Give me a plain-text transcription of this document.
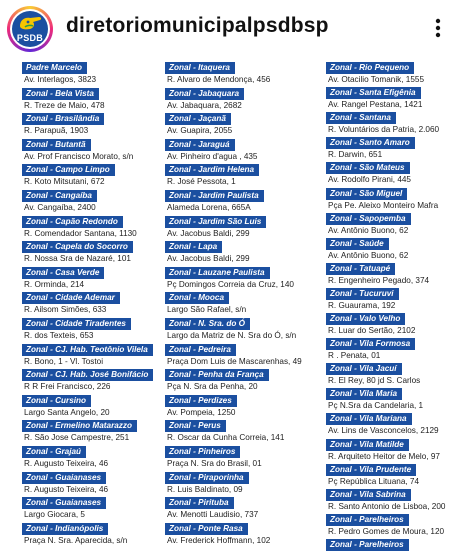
PSDB
diretoriomunicipalpsdbsp
Padre Marcelo
Av. Interlagos, 3823
Zonal - Bela Vista
R. Treze de Maio, 478
Zonal - Brasilândia
R. Parapuã, 1903
Zonal - Butantã
Av. Prof Francisco Morato, s/n
Zonal - Campo Limpo
R. Koto Mitsutani, 672
Zonal - Cangaíba
Av. Cangaíba, 2400
Zonal - Capão Redondo
R. Comendador Santana, 1130
Zonal - Capela do Socorro
R. Nossa Sra de Nazaré, 101
Zonal - Casa Verde
R. Orminda, 214
Zonal - Cidade Ademar
R. Ailsom Simões, 633
Zonal - Cidade Tiradentes
R. dos Texteis, 653
Zonal - CJ. Hab. Teotônio Vilela
R. Bono, 1 - Vl. Tostoi
Zonal - CJ. Hab. José Bonifácio
R R Frei Francisco, 226
Zonal - Cursino
Largo Santa Angelo, 20
Zonal - Ermelino Matarazzo
R. São Jose Campestre, 251
Zonal - Grajaú
R. Augusto Teixeira, 46
Zonal - Guaianases
R. Augusto Teixeira, 46
Zonal - Guaianases
Largo Giocara, 5
Zonal - Indianópolis
Praça N. Sra. Aparecida, s/n
Zonal - Itaquera
R. Alvaro de Mendonça, 456
Zonal - Jabaquara
Av. Jabaquara, 2682
Zonal - Jaçanã
Av. Guapira, 2055
Zonal - Jaraguá
Av. Pinheiro d'agua , 435
Zonal - Jardim Helena
R. José Pessota, 1
Zonal - Jardim Paulista
Alameda Lorena, 665A
Zonal - Jardim São Luis
Av. Jacobus Baldi, 299
Zonal - Lapa
Av. Jacobus Baldi, 299
Zonal - Lauzane Paulista
Pç Domingos Correia da Cruz, 140
Zonal - Mooca
Largo São Rafael, s/n
Zonal - N. Sra. do Ó
Largo da Matriz de N. Sra do Ó, s/n
Zonal - Pedreira
Praça Dom Luis de Mascarenhas, 49
Zonal - Penha da França
Pça N. Sra da Penha, 20
Zonal - Perdizes
Av. Pompeia, 1250
Zonal - Perus
R. Oscar da Cunha Correia, 141
Zonal - Pinheiros
Praça N. Sra do Brasil, 01
Zonal - Piraporinha
R. Luis Baldinato, 09
Zonal - Pirituba
Av. Menotti Laudisio, 737
Zonal - Ponte Rasa
Av. Frederick Hoffmann, 102
Zonal - Rio Pequeno
Av. Otacilio Tomanik, 1555
Zonal - Santa Efigênia
Av. Rangel Pestana, 1421
Zonal - Santana
R. Voluntários da Patria, 2.060
Zonal - Santo Amaro
R. Darwin, 651
Zonal - São Mateus
Av. Rodolfo Pirani, 445
Zonal - São Miguel
Pça Pe. Aleixo Monteiro Mafra
Zonal - Sapopemba
Av. Antônio Buono, 62
Zonal - Saúde
Av. Antônio Buono, 62
Zonal - Tatuapé
R. Engenheiro Pegado, 374
Zonal - Tucuruvi
R. Guaurama, 192
Zonal - Valo Velho
R. Luar do Sertão, 2102
Zonal - Vila Formosa
R . Penata, 01
Zonal - Vila Jacuí
R. El Rey, 80 jd S. Carlos
Zonal - Vila Maria
Pç N.Sra da Candelaria, 1
Zonal - Vila Mariana
Av. Lins de Vasconcelos, 2129
Zonal - Vila Matilde
R. Arquiteto Heitor de Melo, 97
Zonal - Vila Prudente
Pç República Lituana, 74
Zonal - Vila Sabrina
R. Santo Antonio de Lisboa, 200
Zonal - Parelheiros
R. Pedro Gomes de Moura, 120
Zonal - Parelheiros
